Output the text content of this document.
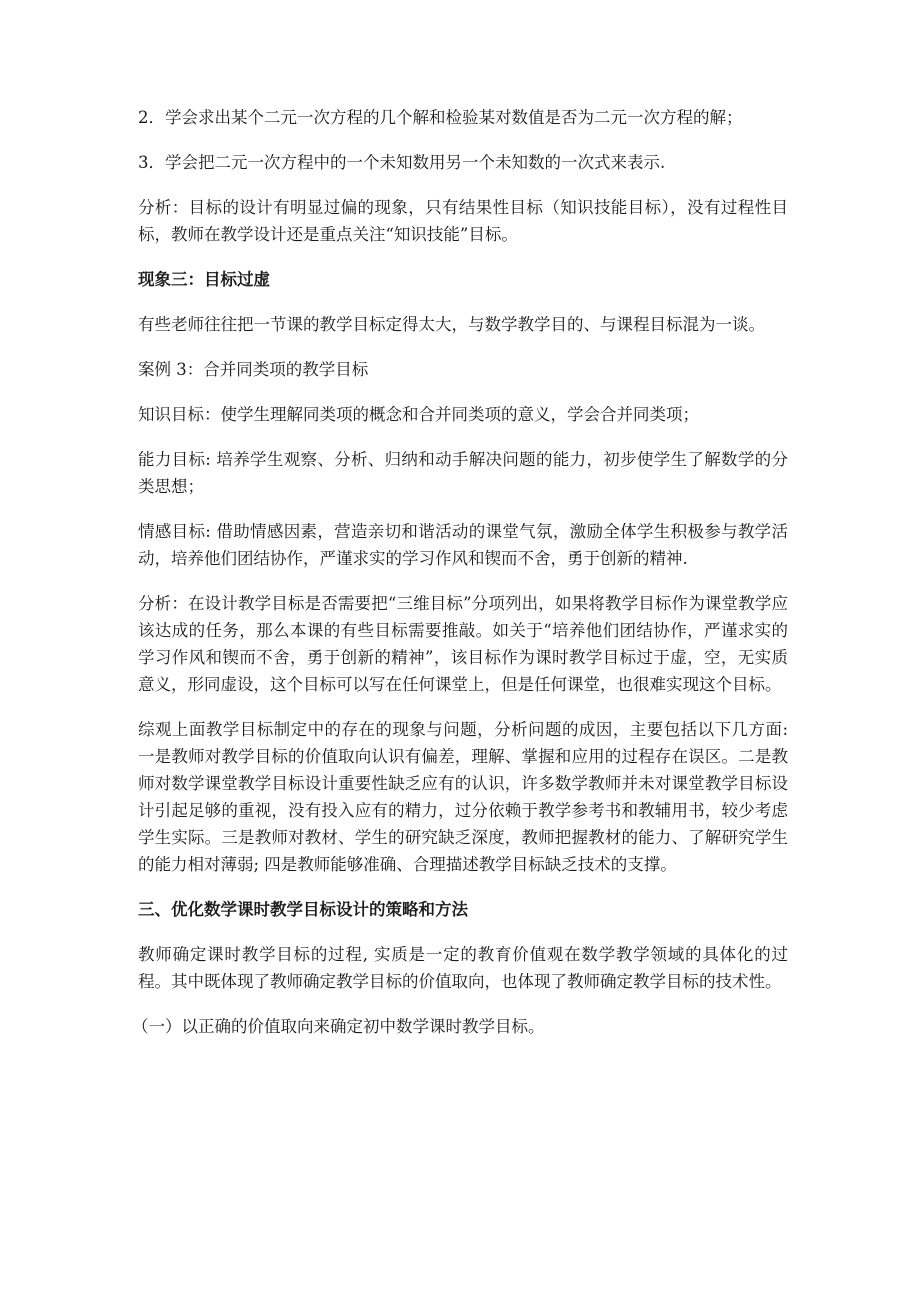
2．学会求出某个二元一次方程的几个解和检验某对数值是否为二元一次方程的解；

3．学会把二元一次方程中的一个未知数用另一个未知数的一次式来表示.

分析：目标的设计有明显过偏的现象，只有结果性目标（知识技能目标），没有过程性目标，教师在教学设计还是重点关注“知识技能”目标。

现象三：目标过虚

有些老师往往把一节课的教学目标定得太大，与数学教学目的、与课程目标混为一谈。

案例 3：合并同类项的教学目标

知识目标：使学生理解同类项的概念和合并同类项的意义，学会合并同类项；

能力目标: 培养学生观察、分析、归纳和动手解决问题的能力，初步使学生了解数学的分类思想；

情感目标: 借助情感因素，营造亲切和谐活动的课堂气氛，激励全体学生积极参与教学活动，培养他们团结协作，严谨求实的学习作风和锲而不舍，勇于创新的精神.

分析：在设计教学目标是否需要把“三维目标”分项列出，如果将教学目标作为课堂教学应该达成的任务，那么本课的有些目标需要推敲。如关于“培养他们团结协作，严谨求实的学习作风和锲而不舍，勇于创新的精神”，该目标作为课时教学目标过于虚，空，无实质意义，形同虚设，这个目标可以写在任何课堂上，但是任何课堂，也很难实现这个目标。

综观上面教学目标制定中的存在的现象与问题，分析问题的成因，主要包括以下几方面: 一是教师对教学目标的价值取向认识有偏差，理解、掌握和应用的过程存在误区。二是教师对数学课堂教学目标设计重要性缺乏应有的认识，许多数学教师并未对课堂教学目标设计引起足够的重视，没有投入应有的精力，过分依赖于教学参考书和教辅用书，较少考虑学生实际。三是教师对教材、学生的研究缺乏深度，教师把握教材的能力、了解研究学生的能力相对薄弱; 四是教师能够准确、合理描述教学目标缺乏技术的支撑。

三、优化数学课时教学目标设计的策略和方法

教师确定课时教学目标的过程, 实质是一定的教育价值观在数学教学领域的具体化的过程。其中既体现了教师确定教学目标的价值取向，也体现了教师确定教学目标的技术性。

（一）以正确的价值取向来确定初中数学课时教学目标。
